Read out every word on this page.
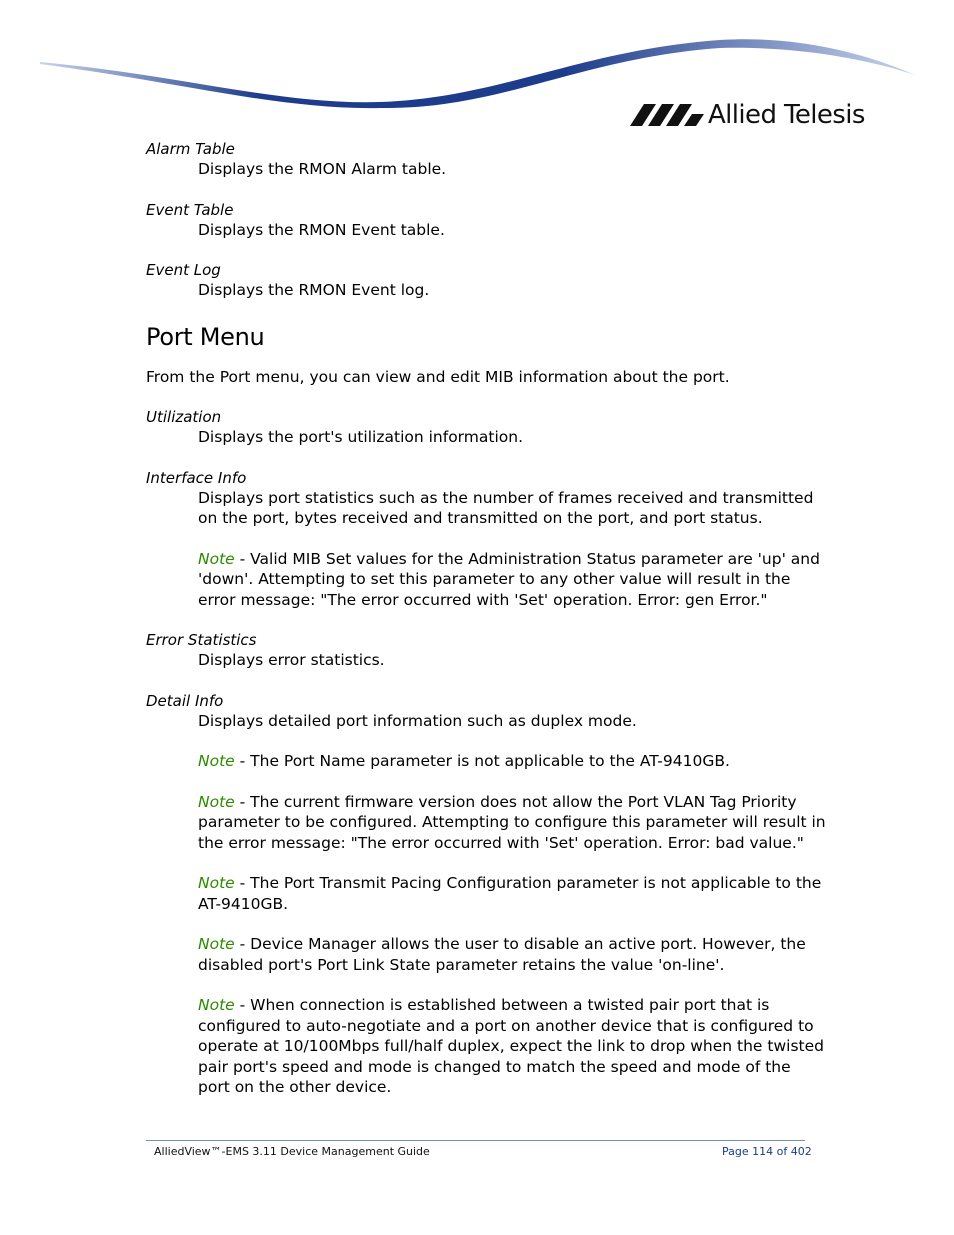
Allied Telesis

Alarm Table

Displays the RMON Alarm table.

Event Table

Displays the RMON Event table.

Event Log

Displays the RMON Event log.

Port Menu

From the Port menu, you can view and edit MIB information about the port.

Utilization

Displays the port's utilization information.

Interface Info

Displays port statistics such as the number of frames received and transmitted on the port, bytes received and transmitted on the port, and port status.

Note - Valid MIB Set values for the Administration Status parameter are 'up' and 'down'. Attempting to set this parameter to any other value will result in the error message: "The error occurred with 'Set' operation. Error: gen Error."

Error Statistics

Displays error statistics.

Detail Info

Displays detailed port information such as duplex mode.

Note - The Port Name parameter is not applicable to the AT-9410GB.

Note - The current firmware version does not allow the Port VLAN Tag Priority parameter to be configured. Attempting to configure this parameter will result in the error message: "The error occurred with 'Set' operation. Error: bad value."

Note - The Port Transmit Pacing Configuration parameter is not applicable to the AT-9410GB.

Note - Device Manager allows the user to disable an active port. However, the disabled port's Port Link State parameter retains the value 'on-line'.

Note - When connection is established between a twisted pair port that is configured to auto-negotiate and a port on another device that is configured to operate at 10/100Mbps full/half duplex, expect the link to drop when the twisted pair port's speed and mode is changed to match the speed and mode of the port on the other device.

AlliedView™-EMS 3.11 Device Management Guide	Page 114 of 402
